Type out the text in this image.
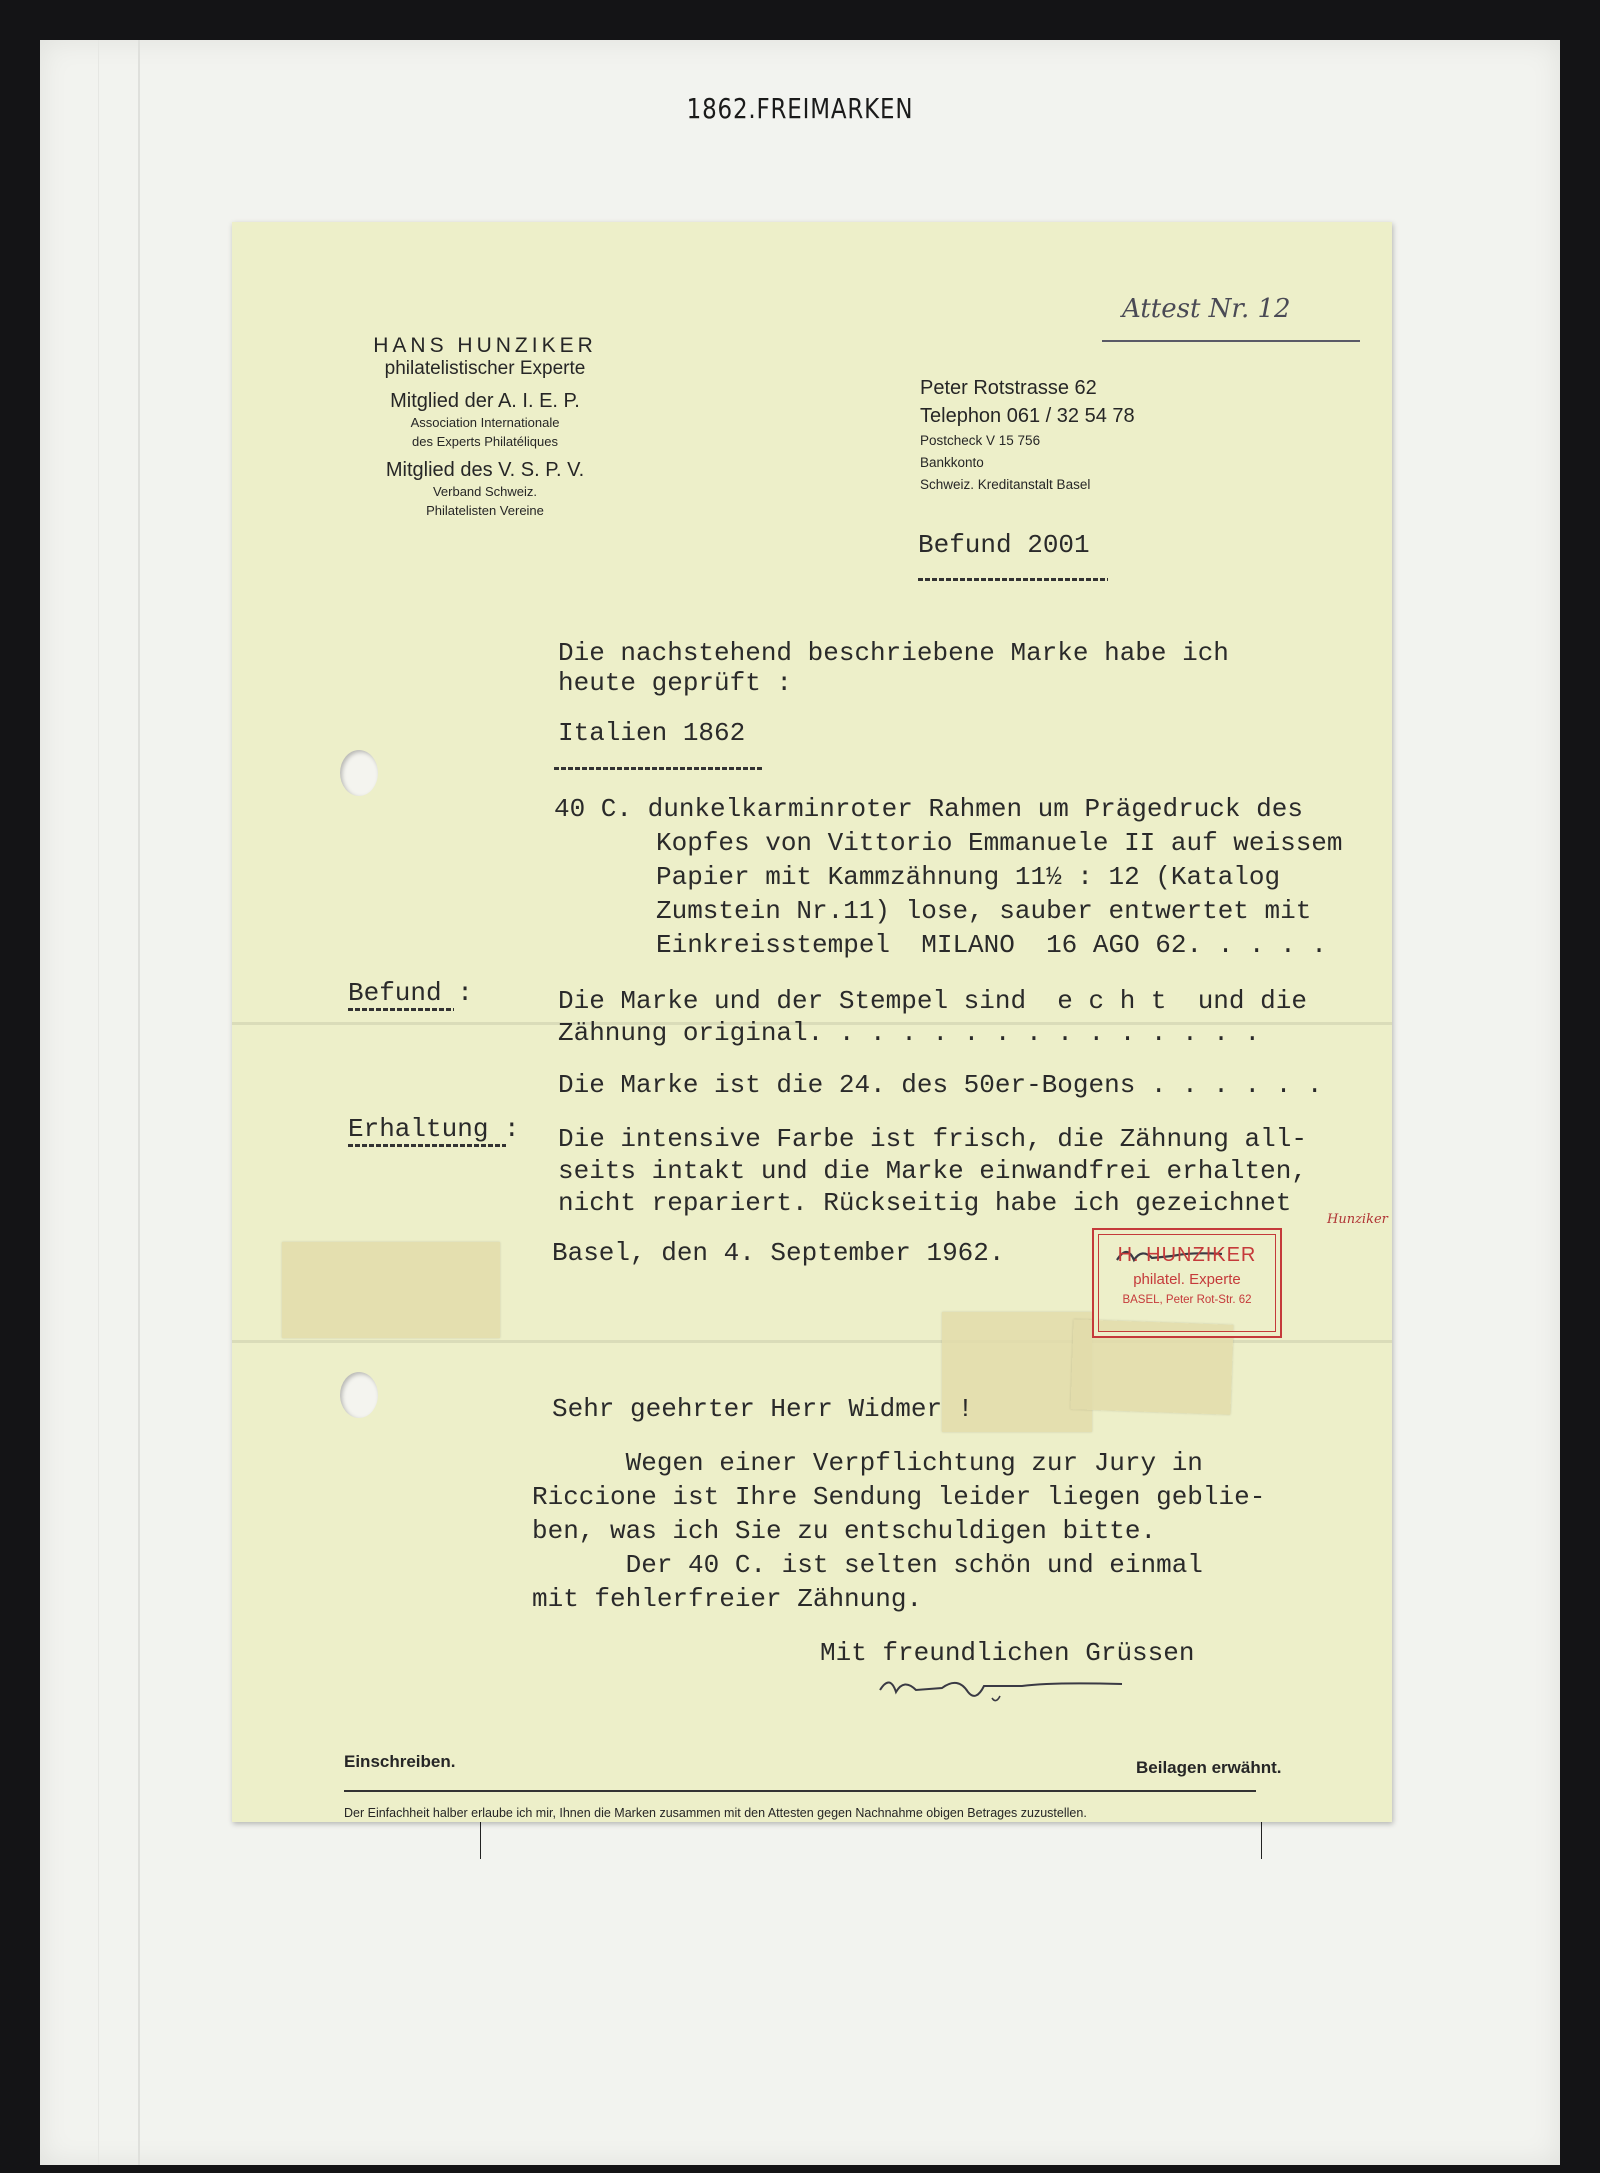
1862.FREIMARKEN
Attest Nr. 12
HANS HUNZIKER
philatelistischer Experte
Mitglied der A. I. E. P.
Association Internationale
des Experts Philatéliques
Mitglied des V. S. P. V.
Verband Schweiz.
Philatelisten Vereine
Peter Rotstrasse 62
Telephon 061 / 32 54 78
Postcheck V 15 756
Bankkonto
Schweiz. Kreditanstalt Basel
Befund 2001
Die nachstehend beschriebene Marke habe ich
heute geprüft :
Italien 1862
40 C. dunkelkarminroter Rahmen um Prägedruck des
Kopfes von Vittorio Emmanuele II auf weissem
Papier mit Kammzähnung 11½ : 12 (Katalog
Zumstein Nr.11) lose, sauber entwertet mit
Einkreisstempel  MILANO  16 AGO 62. . . . .
Befund :	Die Marke und der Stempel sind  e c h t  und die
Zähnung original. . . . . . . . . . . . . . .
Die Marke ist die 24. des 50er-Bogens . . . . . .
Erhaltung : Die intensive Farbe ist frisch, die Zähnung all-
seits intakt und die Marke einwandfrei erhalten,
nicht repariert. Rückseitig habe ich gezeichnet
Hunziker
Basel, den 4. September 1962.	H. HUNZIKER
philatel. Experte
BASEL, Peter Rot-Str. 62
Sehr geehrter Herr Widmer !
Wegen einer Verpflichtung zur Jury in
Riccione ist Ihre Sendung leider liegen geblie-
ben, was ich Sie zu entschuldigen bitte.
Der 40 C. ist selten schön und einmal
mit fehlerfreier Zähnung.
Mit freundlichen Grüssen
Einschreiben.	Beilagen erwähnt.
Der Einfachheit halber erlaube ich mir, Ihnen die Marken zusammen mit den Attesten gegen Nachnahme obigen Betrages zuzustellen.
